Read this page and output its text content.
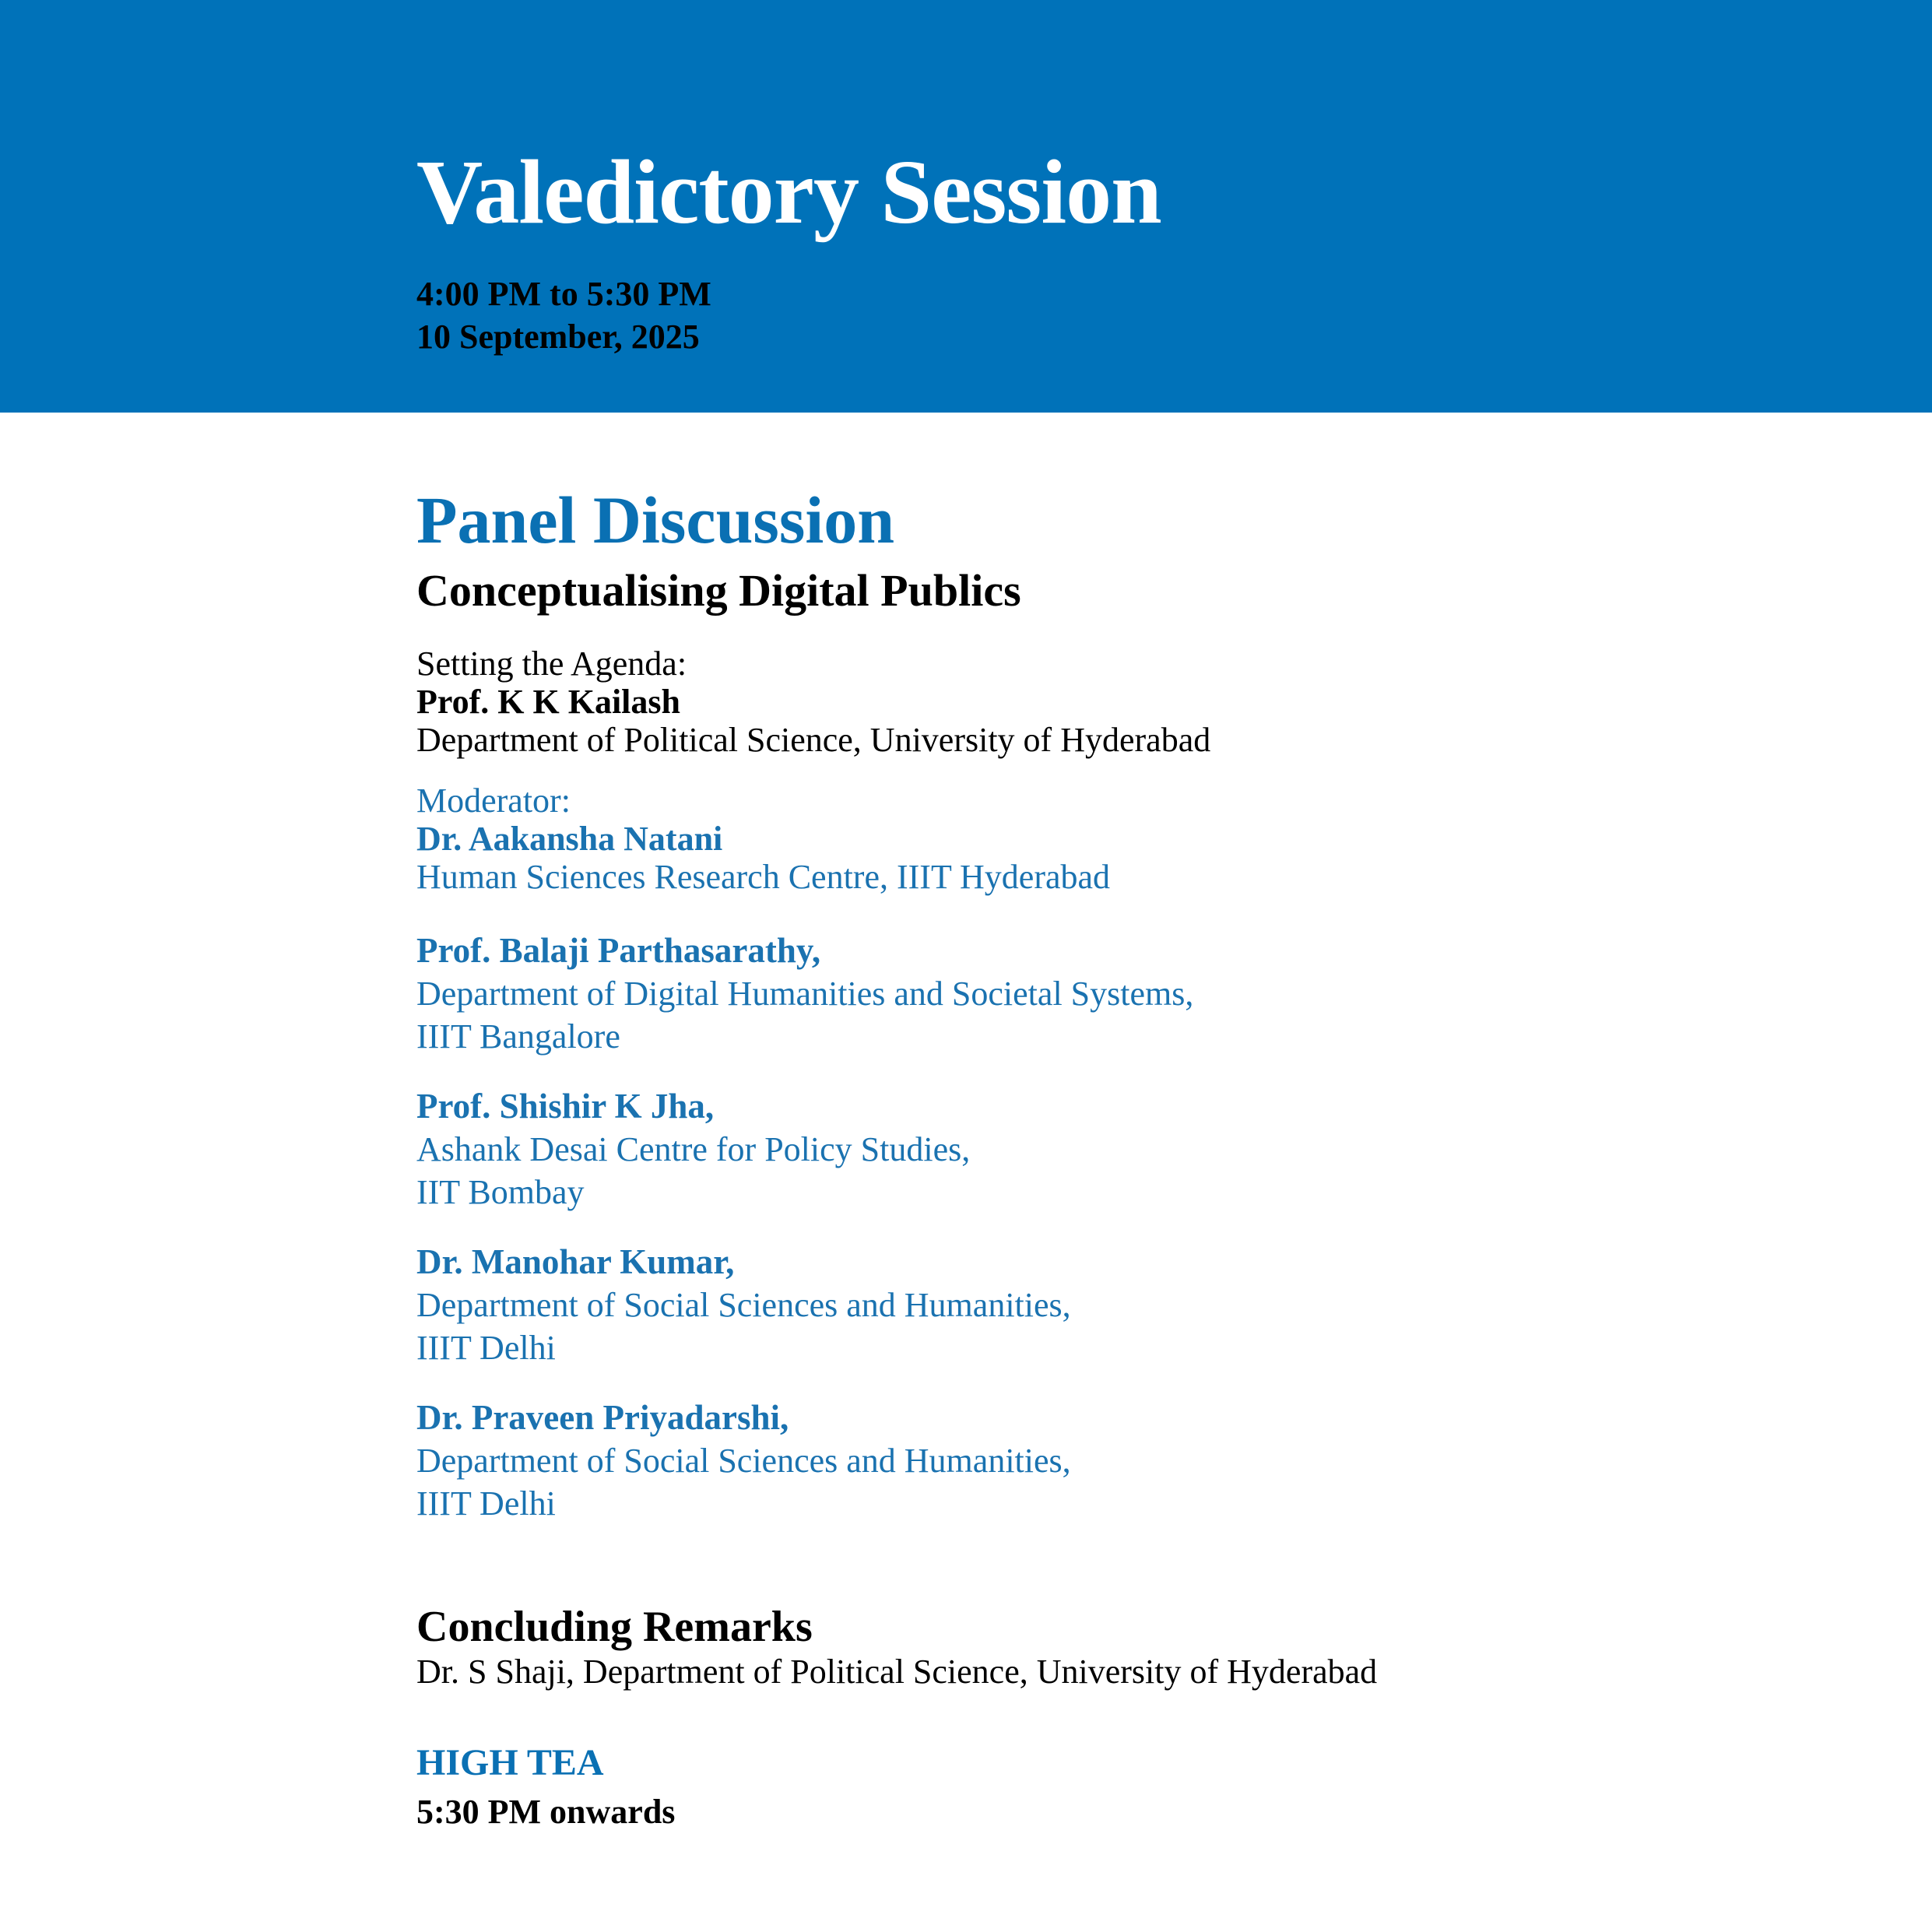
Valedictory Session
4:00 PM to 5:30 PM
10 September, 2025
Panel Discussion
Conceptualising Digital Publics
Setting the Agenda:
Prof. K K Kailash
Department of Political Science, University of Hyderabad
Moderator:
Dr. Aakansha Natani
Human Sciences Research Centre, IIIT Hyderabad
Prof. Balaji Parthasarathy,
Department of Digital Humanities and Societal Systems,
IIIT Bangalore
Prof. Shishir K Jha,
Ashank Desai Centre for Policy Studies,
IIT Bombay
Dr. Manohar Kumar,
Department of Social Sciences and Humanities,
IIIT Delhi
Dr. Praveen Priyadarshi,
Department of Social Sciences and Humanities,
IIIT Delhi
Concluding Remarks
Dr. S Shaji, Department of Political Science, University of Hyderabad
HIGH TEA
5:30 PM onwards
